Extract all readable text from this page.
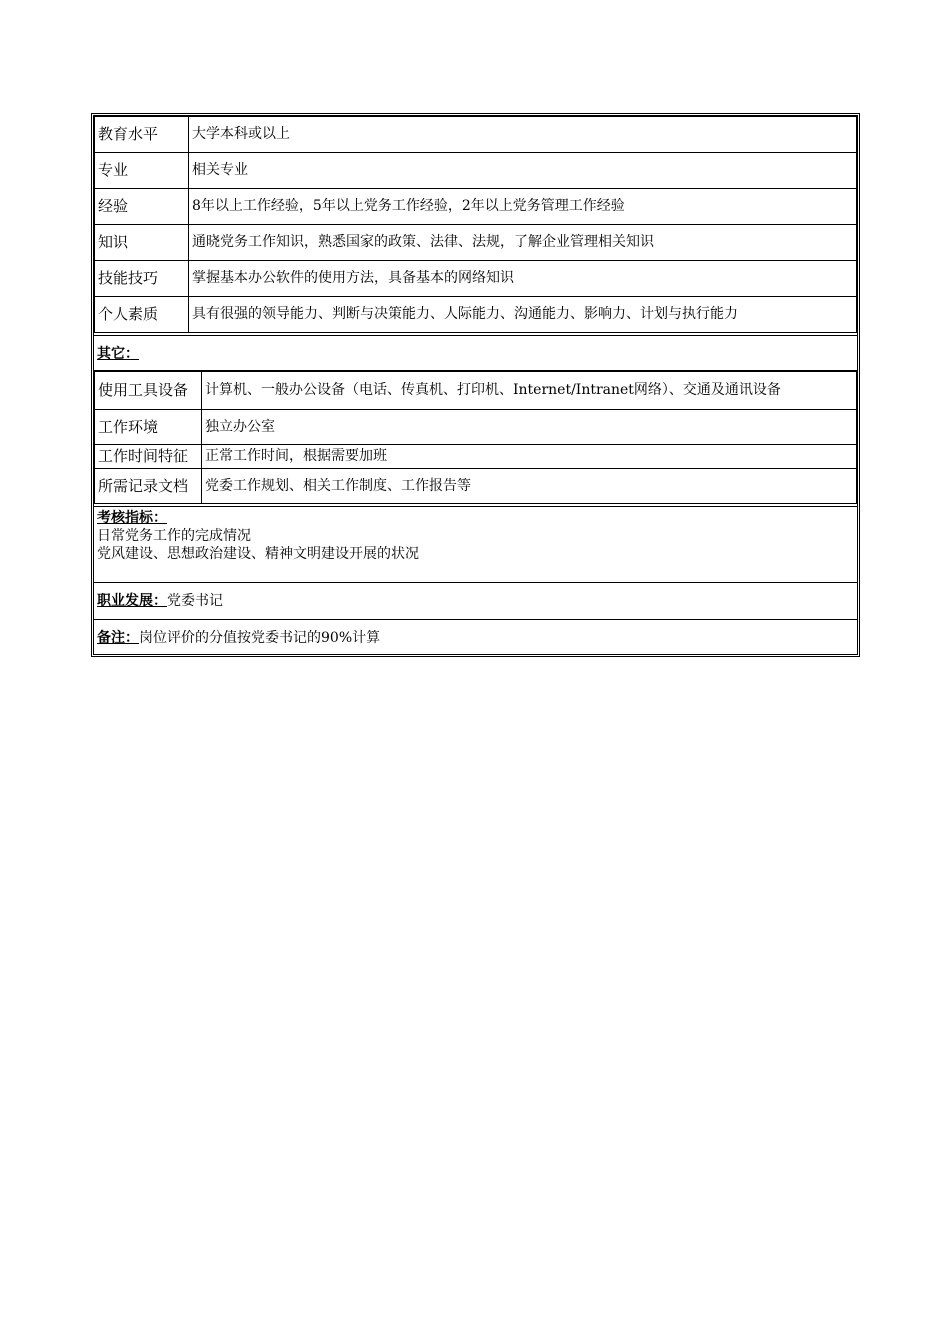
教育水平	大学本科或以上
专业	相关专业
经验	8年以上工作经验，5年以上党务工作经验，2年以上党务管理工作经验
知识	通晓党务工作知识，熟悉国家的政策、法律、法规，了解企业管理相关知识
技能技巧	掌握基本办公软件的使用方法，具备基本的网络知识
个人素质	具有很强的领导能力、判断与决策能力、人际能力、沟通能力、影响力、计划与执行能力
其它：
使用工具设备	计算机、一般办公设备（电话、传真机、打印机、Internet/Intranet网络）、交通及通讯设备
工作环境	独立办公室
工作时间特征	正常工作时间，根据需要加班
所需记录文档	党委工作规划、相关工作制度、工作报告等
考核指标：
日常党务工作的完成情况
党风建设、思想政治建设、精神文明建设开展的状况
职业发展： 党委书记
备注： 岗位评价的分值按党委书记的90%计算
